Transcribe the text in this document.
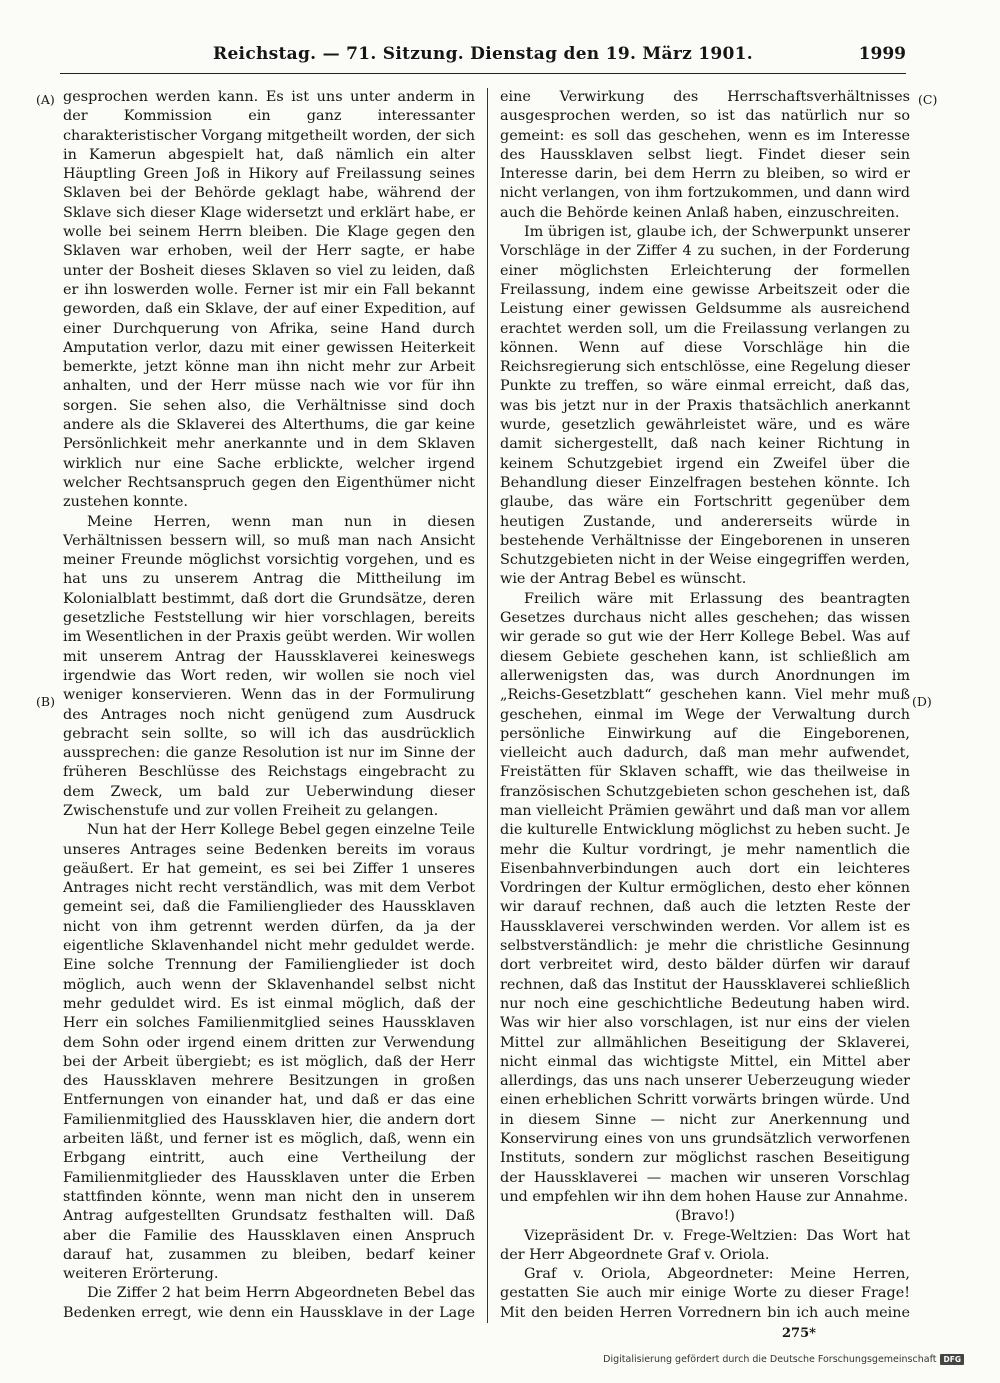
Reichstag. — 71. Sitzung. Dienstag den 19. März 1901.	1999
(A)
(B)
(C)
(D)

gesprochen werden kann. Es ist uns unter anderm in der Kommission ein ganz interessanter charakteristischer Vorgang mitgetheilt worden, der sich in Kamerun abgespielt hat, daß nämlich ein alter Häuptling Green Joß in Hikory auf Freilassung seines Sklaven bei der Behörde geklagt habe, während der Sklave sich dieser Klage widersetzt und erklärt habe, er wolle bei seinem Herrn bleiben. Die Klage gegen den Sklaven war erhoben, weil der Herr sagte, er habe unter der Bosheit dieses Sklaven so viel zu leiden, daß er ihn loswerden wolle. Ferner ist mir ein Fall bekannt geworden, daß ein Sklave, der auf einer Expedition, auf einer Durchquerung von Afrika, seine Hand durch Amputation verlor, dazu mit einer gewissen Heiterkeit bemerkte, jetzt könne man ihn nicht mehr zur Arbeit anhalten, und der Herr müsse nach wie vor für ihn sorgen. Sie sehen also, die Verhältnisse sind doch andere als die Sklaverei des Alterthums, die gar keine Persönlichkeit mehr anerkannte und in dem Sklaven wirklich nur eine Sache erblickte, welcher irgend welcher Rechtsanspruch gegen den Eigenthümer nicht zustehen konnte.

Meine Herren, wenn man nun in diesen Verhältnissen bessern will, so muß man nach Ansicht meiner Freunde möglichst vorsichtig vorgehen, und es hat uns zu unserem Antrag die Mittheilung im Kolonialblatt bestimmt, daß dort die Grundsätze, deren gesetzliche Feststellung wir hier vorschlagen, bereits im Wesentlichen in der Praxis geübt werden. Wir wollen mit unserem Antrag der Haussklaverei keineswegs irgendwie das Wort reden, wir wollen sie noch viel weniger konservieren. Wenn das in der Formulirung des Antrages noch nicht genügend zum Ausdruck gebracht sein sollte, so will ich das ausdrücklich aussprechen: die ganze Resolution ist nur im Sinne der früheren Beschlüsse des Reichstags eingebracht zu dem Zweck, um bald zur Ueberwindung dieser Zwischenstufe und zur vollen Freiheit zu gelangen.

Nun hat der Herr Kollege Bebel gegen einzelne Teile unseres Antrages seine Bedenken bereits im voraus geäußert. Er hat gemeint, es sei bei Ziffer 1 unseres Antrages nicht recht verständlich, was mit dem Verbot gemeint sei, daß die Familienglieder des Haussklaven nicht von ihm getrennt werden dürfen, da ja der eigentliche Sklavenhandel nicht mehr geduldet werde. Eine solche Trennung der Familienglieder ist doch möglich, auch wenn der Sklavenhandel selbst nicht mehr geduldet wird. Es ist einmal möglich, daß der Herr ein solches Familienmitglied seines Haussklaven dem Sohn oder irgend einem dritten zur Verwendung bei der Arbeit übergiebt; es ist möglich, daß der Herr des Haussklaven mehrere Besitzungen in großen Entfernungen von einander hat, und daß er das eine Familienmitglied des Haussklaven hier, die andern dort arbeiten läßt, und ferner ist es möglich, daß, wenn ein Erbgang eintritt, auch eine Vertheilung der Familienmitglieder des Haussklaven unter die Erben stattfinden könnte, wenn man nicht den in unserem Antrag aufgestellten Grundsatz festhalten will. Daß aber die Familie des Haussklaven einen Anspruch darauf hat, zusammen zu bleiben, bedarf keiner weiteren Erörterung.

Die Ziffer 2 hat beim Herrn Abgeordneten Bebel das Bedenken erregt, wie denn ein Haussklave in der Lage

eine Verwirkung des Herrschaftsverhältnisses ausgesprochen werden, so ist das natürlich nur so gemeint: es soll das geschehen, wenn es im Interesse des Haussklaven selbst liegt. Findet dieser sein Interesse darin, bei dem Herrn zu bleiben, so wird er nicht verlangen, von ihm fortzukommen, und dann wird auch die Behörde keinen Anlaß haben, einzuschreiten.

Im übrigen ist, glaube ich, der Schwerpunkt unserer Vorschläge in der Ziffer 4 zu suchen, in der Forderung einer möglichsten Erleichterung der formellen Freilassung, indem eine gewisse Arbeitszeit oder die Leistung einer gewissen Geldsumme als ausreichend erachtet werden soll, um die Freilassung verlangen zu können. Wenn auf diese Vorschläge hin die Reichsregierung sich entschlösse, eine Regelung dieser Punkte zu treffen, so wäre einmal erreicht, daß das, was bis jetzt nur in der Praxis thatsächlich anerkannt wurde, gesetzlich gewährleistet wäre, und es wäre damit sichergestellt, daß nach keiner Richtung in keinem Schutzgebiet irgend ein Zweifel über die Behandlung dieser Einzelfragen bestehen könnte. Ich glaube, das wäre ein Fortschritt gegenüber dem heutigen Zustande, und andererseits würde in bestehende Verhältnisse der Eingeborenen in unseren Schutzgebieten nicht in der Weise eingegriffen werden, wie der Antrag Bebel es wünscht.

Freilich wäre mit Erlassung des beantragten Gesetzes durchaus nicht alles geschehen; das wissen wir gerade so gut wie der Herr Kollege Bebel. Was auf diesem Gebiete geschehen kann, ist schließlich am allerwenigsten das, was durch Anordnungen im „Reichs-Gesetzblatt“ geschehen kann. Viel mehr muß geschehen, einmal im Wege der Verwaltung durch persönliche Einwirkung auf die Eingeborenen, vielleicht auch dadurch, daß man mehr aufwendet, Freistätten für Sklaven schafft, wie das theilweise in französischen Schutzgebieten schon geschehen ist, daß man vielleicht Prämien gewährt und daß man vor allem die kulturelle Entwicklung möglichst zu heben sucht. Je mehr die Kultur vordringt, je mehr namentlich die Eisenbahnverbindungen auch dort ein leichteres Vordringen der Kultur ermöglichen, desto eher können wir darauf rechnen, daß auch die letzten Reste der Haussklaverei verschwinden werden. Vor allem ist es selbstverständlich: je mehr die christliche Gesinnung dort verbreitet wird, desto bälder dürfen wir darauf rechnen, daß das Institut der Haussklaverei schließlich nur noch eine geschichtliche Bedeutung haben wird. Was wir hier also vorschlagen, ist nur eins der vielen Mittel zur allmählichen Beseitigung der Sklaverei, nicht einmal das wichtigste Mittel, ein Mittel aber allerdings, das uns nach unserer Ueberzeugung wieder einen erheblichen Schritt vorwärts bringen würde. Und in diesem Sinne — nicht zur Anerkennung und Konservirung eines von uns grundsätzlich verworfenen Instituts, sondern zur möglichst raschen Beseitigung der Haussklaverei — machen wir unseren Vorschlag und empfehlen wir ihn dem hohen Hause zur Annahme.

(Bravo!)

Vizepräsident Dr. v. Frege-Weltzien: Das Wort hat der Herr Abgeordnete Graf v. Oriola.

Graf v. Oriola, Abgeordneter: Meine Herren, gestatten Sie auch mir einige Worte zu dieser Frage! Mit den beiden Herren Vorrednern bin ich auch meine

275*
Digitalisierung gefördert durch die Deutsche Forschungsgemeinschaft DFG
